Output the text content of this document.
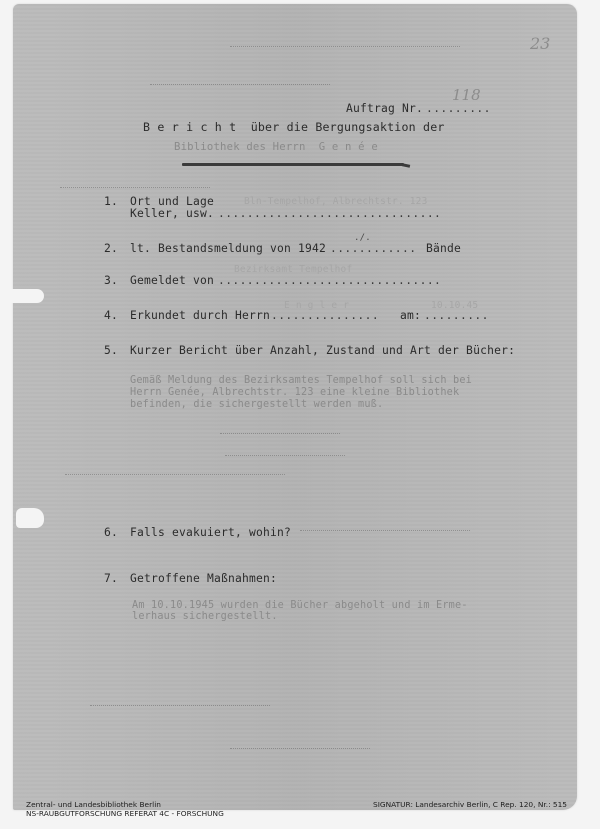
23
Auftrag Nr. .........
118
B e r i c h t  über die Bergungsaktion der
Bibliothek des Herrn  G e n é e
1. Ort und Lage
Keller, usw. ...............................
Bln-Tempelhof, Albrechtstr. 123
2. lt. Bestandsmeldung von 1942 ............
./.
Bände
3. Gemeldet von ...............................
Bezirksamt Tempelhof
4. Erkundet durch Herrn ...............
E n g l e r
am: .........
10.10.45
5. Kurzer Bericht über Anzahl, Zustand und Art der Bücher:
Gemäß Meldung des Bezirksamtes Tempelhof soll sich bei
Herrn Genée, Albrechtstr. 123 eine kleine Bibliothek
befinden, die sichergestellt werden muß.
6. Falls evakuiert, wohin?
7. Getroffene Maßnahmen:
Am 10.10.1945 wurden die Bücher abgeholt und im Ermе-
lerhaus sichergestellt.
Zentral- und Landesbibliothek Berlin
NS-RAUBGUTFORSCHUNG REFERAT 4C - FORSCHUNG
SIGNATUR: Landesarchiv Berlin, C Rep. 120, Nr.: 515
